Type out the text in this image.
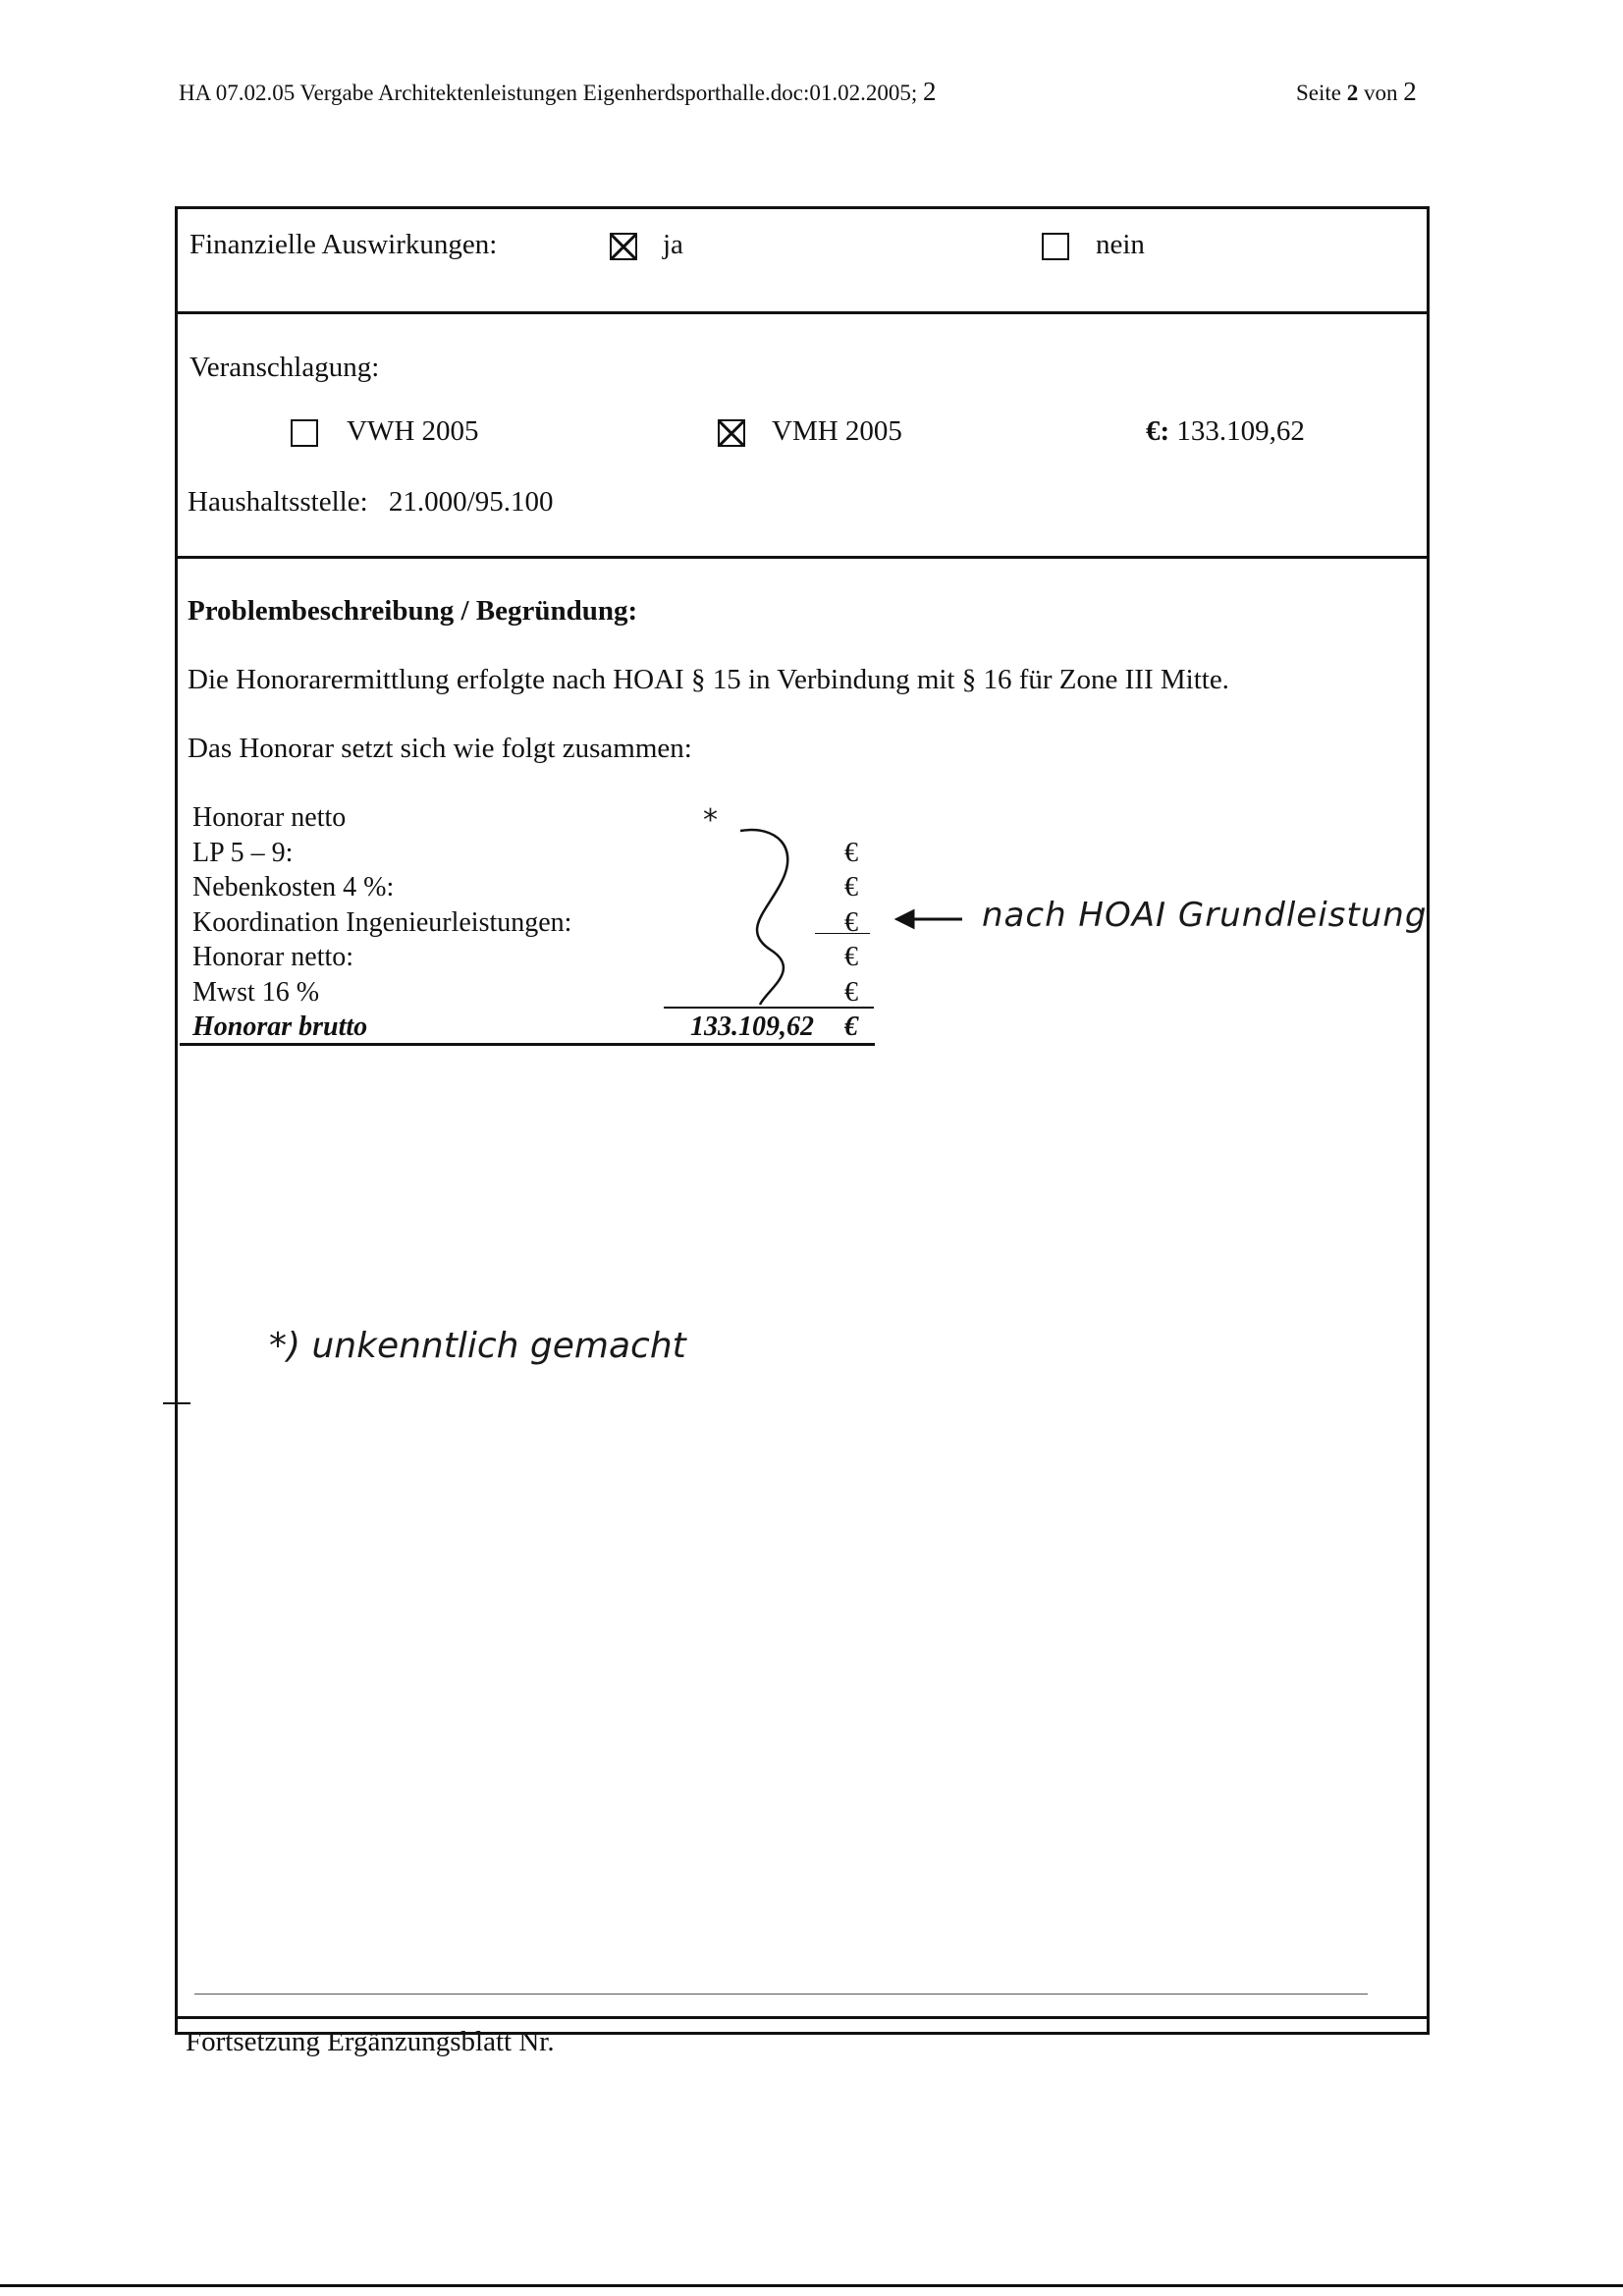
HA 07.02.05 Vergabe Architektenleistungen Eigenherdsporthalle.doc:01.02.2005; 2	Seite 2 von 2
Finanzielle Auswirkungen:	ja	nein
Veranschlagung:
VWH 2005	VMH 2005	€: 133.109,62
Haushaltsstelle: 21.000/95.100
Problembeschreibung / Begründung:
Die Honorarermittlung erfolgte nach HOAI § 15 in Verbindung mit § 16 für Zone III Mitte.
Das Honorar setzt sich wie folgt zusammen:
Fortsetzung Ergänzungsblatt Nr.
Honorar netto
LP 5 – 9:	€
Nebenkosten 4 %:	€
Koordination Ingenieurleistungen:	€
Honorar netto:	€
Mwst 16 %	€
Honorar brutto	133.109,62 €
*
nach HOAI Grundleistung
*) unkenntlich gemacht
